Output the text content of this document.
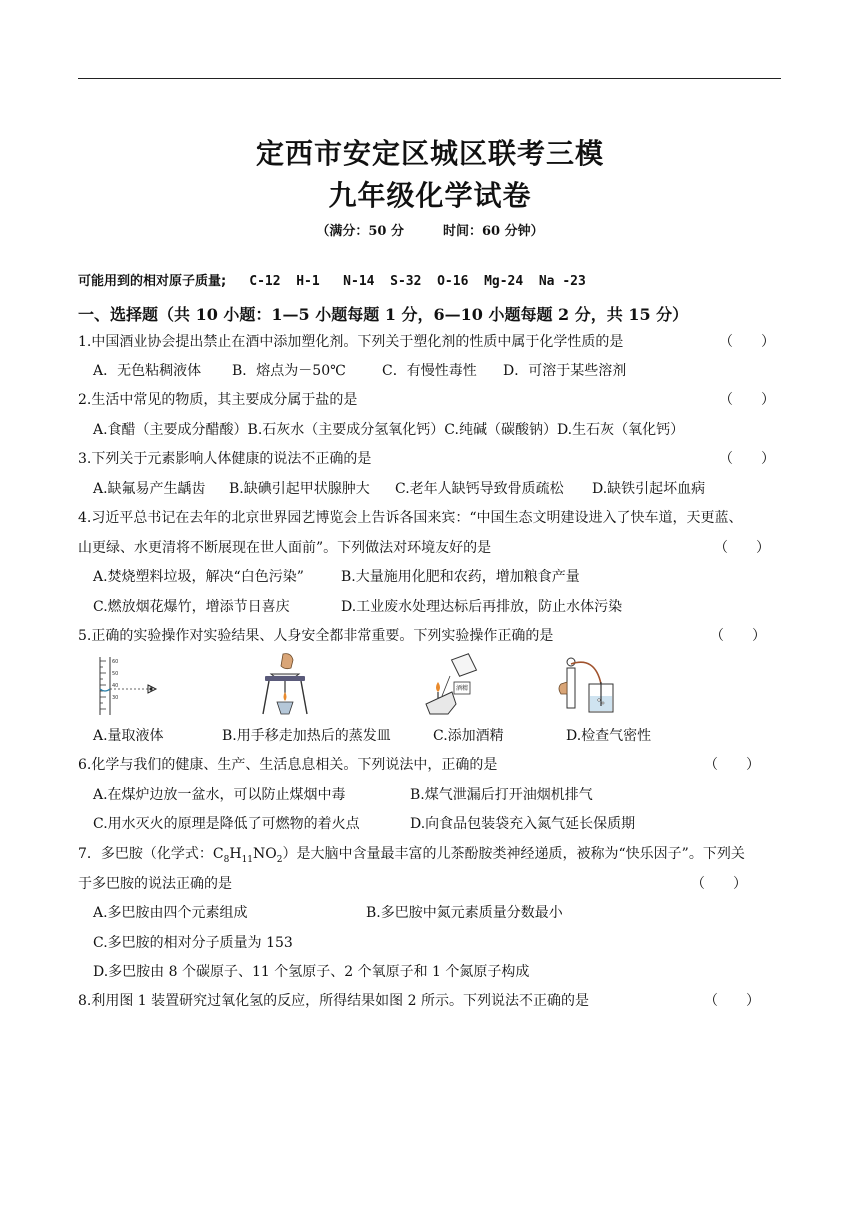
定西市安定区城区联考三模
九年级化学试卷
（满分：50 分　　　时间：60 分钟）
可能用到的相对原子质量; C-12  H-1   N-14  S-32  O-16  Mg-24  Na -23
一、选择题（共 10 小题：1—5 小题每题 1 分，6—10 小题每题 2 分，共 15 分）
1.中国酒业协会提出禁止在酒中添加塑化剂。下列关于塑化剂的性质中属于化学性质的是	（　　）
A．无色粘稠液体 B．熔点为－50℃	C．有慢性毒性 D．可溶于某些溶剂
2.生活中常见的物质，其主要成分属于盐的是	（　　）
A.食醋（主要成分醋酸）B.石灰水（主要成分氢氧化钙）C.纯碱（碳酸钠）D.生石灰（氧化钙）
3.下列关于元素影响人体健康的说法不正确的是	（　　）
A.缺氟易产生龋齿 B.缺碘引起甲状腺肿大 C.老年人缺钙导致骨质疏松 D.缺铁引起坏血病
4.习近平总书记在去年的北京世界园艺博览会上告诉各国来宾：“中国生态文明建设进入了快车道，天更蓝、
山更绿、水更清将不断展现在世人面前”。下列做法对环境友好的是	（　　）
A.焚烧塑料垃圾，解决“白色污染”	B.大量施用化肥和农药，增加粮食产量
C.燃放烟花爆竹，增添节日喜庆	D.工业废水处理达标后再排放，防止水体污染
5.正确的实验操作对实验结果、人身安全都非常重要。下列实验操作正确的是	（　　）
60
50
40
30
酒精
A.量取液体	B.用手移走加热后的蒸发皿	C.添加酒精	D.检查气密性
6.化学与我们的健康、生产、生活息息相关。下列说法中，正确的是	（　　）
A.在煤炉边放一盆水，可以防止煤烟中毒	B.煤气泄漏后打开油烟机排气
C.用水灭火的原理是降低了可燃物的着火点	D.向食品包装袋充入氮气延长保质期
7．多巴胺（化学式：$C_8H_{11}NO_2$）是大脑中含量最丰富的儿茶酚胺类神经递质，被称为“快乐因子”。下列关
于多巴胺的说法正确的是	（　　）
A.多巴胺由四个元素组成	B.多巴胺中氮元素质量分数最小
C.多巴胺的相对分子质量为 153
D.多巴胺由 8 个碳原子、11 个氢原子、2 个氧原子和 1 个氮原子构成
8.利用图 1 装置研究过氧化氢的反应，所得结果如图 2 所示。下列说法不正确的是	（　　）
